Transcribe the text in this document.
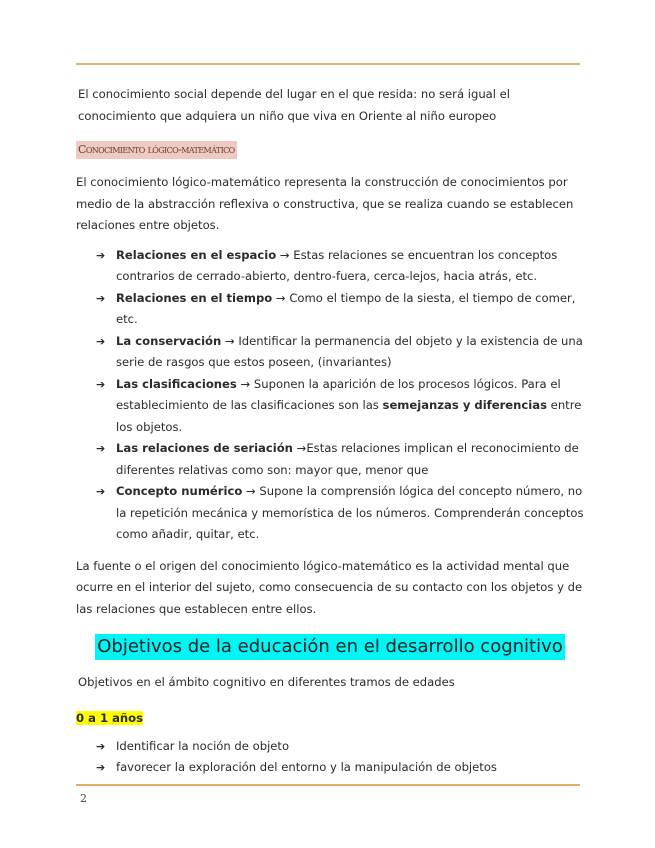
El conocimiento social depende del lugar en el que resida: no será igual el conocimiento que adquiera un niño que viva en Oriente al niño europeo

Conocimiento lógico-matemático

El conocimiento lógico-matemático representa la construcción de conocimientos por medio de la abstracción reflexiva o constructiva, que se realiza cuando se establecen relaciones entre objetos.

➔ Relaciones en el espacio → Estas relaciones se encuentran los conceptos contrarios de cerrado-abierto, dentro-fuera, cerca-lejos, hacia atrás, etc.
➔ Relaciones en el tiempo → Como el tiempo de la siesta, el tiempo de comer, etc.
➔ La conservación → Identificar la permanencia del objeto y la existencia de una serie de rasgos que estos poseen, (invariantes)
➔ Las clasificaciones → Suponen la aparición de los procesos lógicos. Para el establecimiento de las clasificaciones son las semejanzas y diferencias entre los objetos.
➔ Las relaciones de seriación →Estas relaciones implican el reconocimiento de diferentes relativas como son: mayor que, menor que
➔ Concepto numérico → Supone la comprensión lógica del concepto número, no la repetición mecánica y memorística de los números. Comprenderán conceptos como añadir, quitar, etc.

La fuente o el origen del conocimiento lógico-matemático es la actividad mental que ocurre en el interior del sujeto, como consecuencia de su contacto con los objetos y de las relaciones que establecen entre ellos.

Objetivos de la educación en el desarrollo cognitivo

Objetivos en el ámbito cognitivo en diferentes tramos de edades

0 a 1 años
➔ Identificar la noción de objeto
➔ favorecer la exploración del entorno y la manipulación de objetos
2
